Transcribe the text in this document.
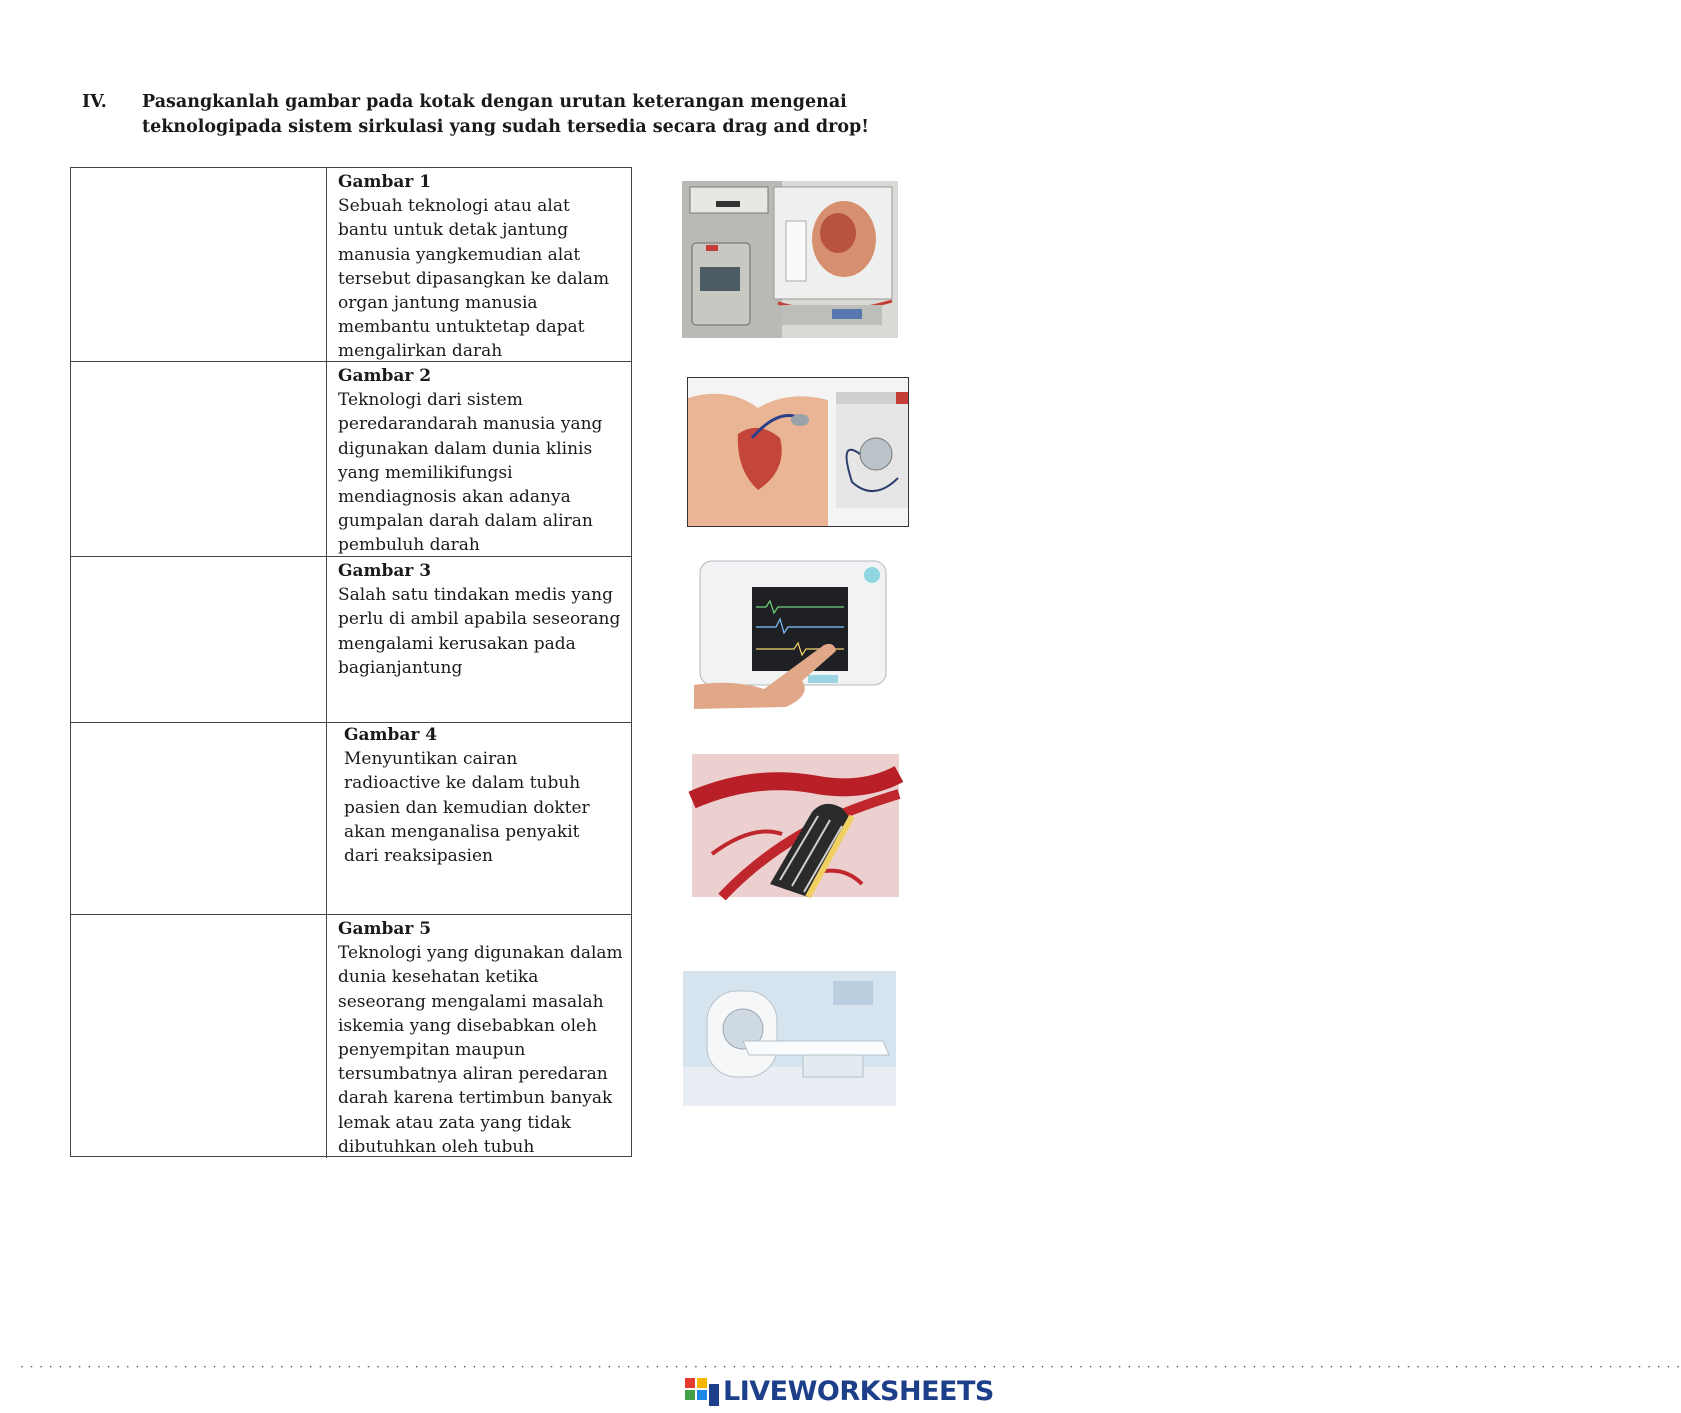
IV. Pasangkanlah gambar pada kotak dengan urutan keterangan mengenai teknologipada sistem sirkulasi yang sudah tersedia secara drag and drop!
Gambar 1
Sebuah teknologi atau alat bantu untuk detak jantung manusia yangkemudian alat tersebut dipasangkan ke dalam organ jantung manusia membantu untuktetap dapat mengalirkan darah
Gambar 2
Teknologi dari sistem peredarandarah manusia yang digunakan dalam dunia klinis yang memilikifungsi mendiagnosis akan adanya gumpalan darah dalam aliran pembuluh darah
Gambar 3
Salah satu tindakan medis yang perlu di ambil apabila seseorang mengalami kerusakan pada bagianjantung
Gambar 4
Menyuntikan cairan radioactive ke dalam tubuh pasien dan kemudian dokter akan menganalisa penyakit dari reaksipasien
Gambar 5
Teknologi yang digunakan dalam dunia kesehatan ketika seseorang mengalami masalah iskemia yang disebabkan oleh penyempitan maupun tersumbatnya aliran peredaran darah karena tertimbun banyak lemak atau zata yang tidak dibutuhkan oleh tubuh
· · · · · · · · · · · · · · · · · · · · · · · · · · · · · · · · · · · · · · · · · · · · · · · · · · · · · · · · · · · · · · · · · · · · · · · · · · · · · · · · · · · · · · · · · · · · · · · · · · · · · · · · · · · · · · · · · · · · · · · · · · · · · · · · · · · · · · · · · · · · · · · · · · · · · · · · · · · · · · · · · · · · · · · · · · · · ·
LIVEWORKSHEETS
